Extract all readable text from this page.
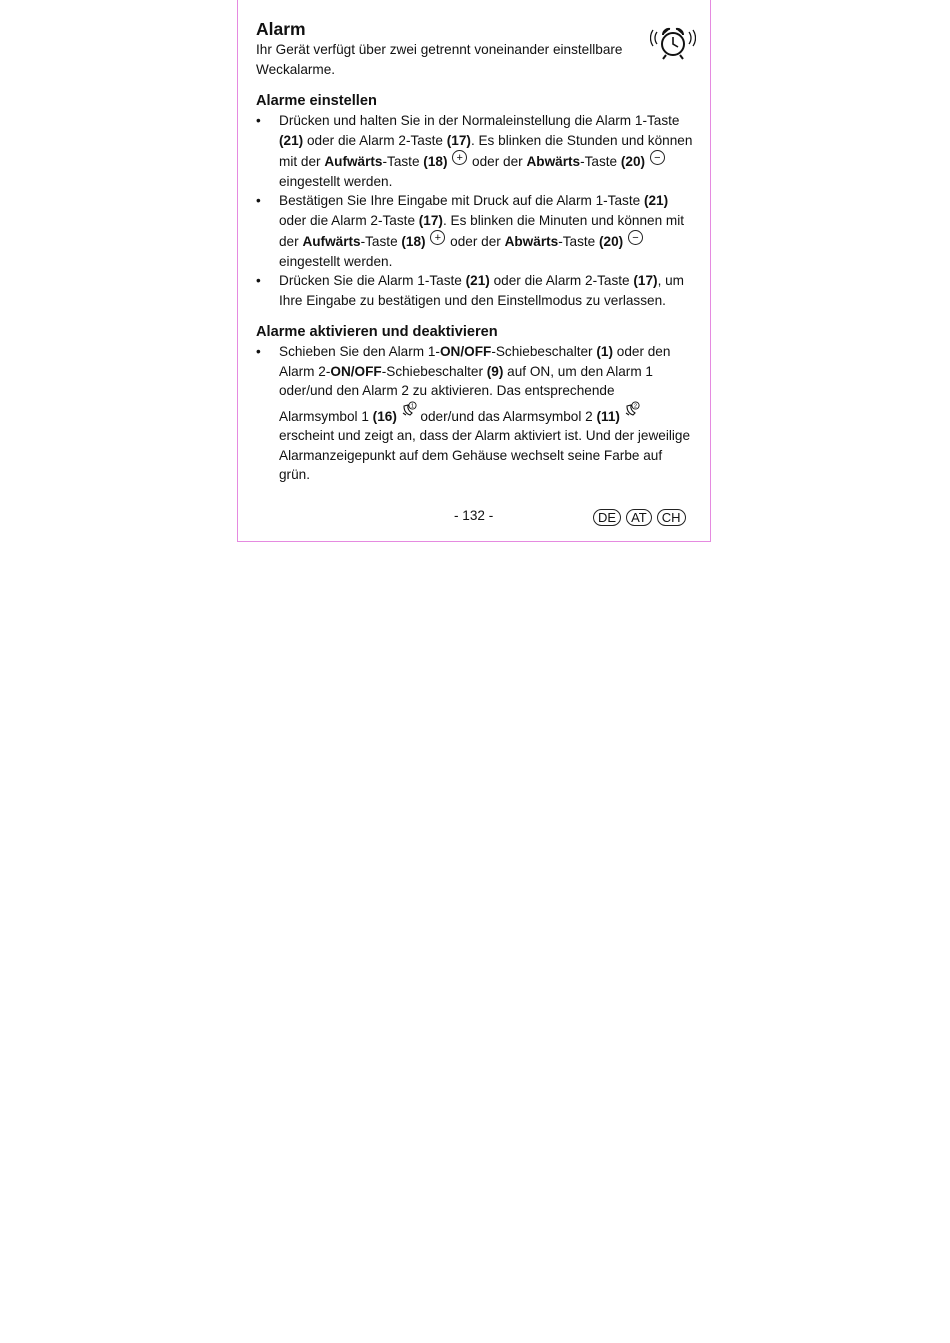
Alarm

Ihr Gerät verfügt über zwei getrennt voneinander einstellbare Weckalarme.

Alarme einstellen
• Drücken und halten Sie in der Normaleinstellung die Alarm 1-Taste (21) oder die Alarm 2-Taste (17). Es blinken die Stunden und können mit der Aufwärts-Taste (18) + oder der Abwärts-Taste (20) − eingestellt werden.
• Bestätigen Sie Ihre Eingabe mit Druck auf die Alarm 1-Taste (21) oder die Alarm 2-Taste (17). Es blinken die Minuten und können mit der Aufwärts-Taste (18) + oder der Abwärts-Taste (20) − eingestellt werden.
• Drücken Sie die Alarm 1-Taste (21) oder die Alarm 2-Taste (17), um Ihre Eingabe zu bestätigen und den Einstellmodus zu verlassen.
Alarme aktivieren und deaktivieren
• Schieben Sie den Alarm 1-ON/OFF-Schiebeschalter (1) oder den Alarm 2-ON/OFF-Schiebeschalter (9) auf ON, um den Alarm 1 oder/und den Alarm 2 zu aktivieren. Das entsprechende Alarmsymbol 1 (16)
1
oder/und das Alarmsymbol 2 (11)
2
erscheint und zeigt an, dass der Alarm aktiviert ist. Und der jeweilige Alarmanzeigepunkt auf dem Gehäuse wechselt seine Farbe auf grün.
- 132 -	DE	AT	CH
